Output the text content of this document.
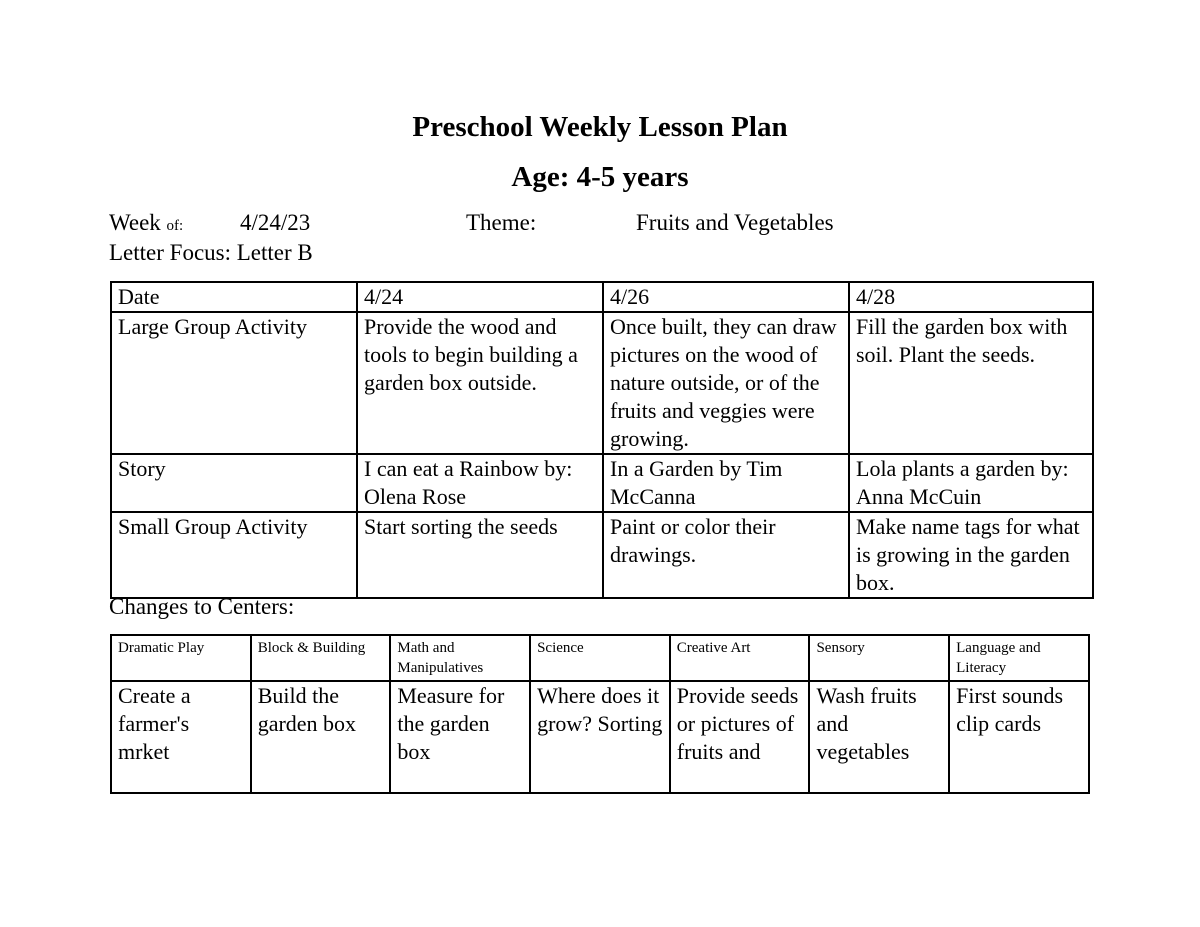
Preschool Weekly Lesson Plan
Age: 4-5 years
Week of: 4/24/23	Theme:	Fruits and Vegetables
Letter Focus: Letter B
Date	4/24	4/26	4/28
Large Group Activity	Provide the wood and tools to begin building a garden box outside.	Once built, they can draw pictures on the wood of nature outside, or of the fruits and veggies were growing.	Fill the garden box with soil. Plant the seeds.
Story	I can eat a Rainbow by: Olena Rose	In a Garden by Tim McCanna	Lola plants a garden by: Anna McCuin
Small Group Activity	Start sorting the seeds	Paint or color their drawings.	Make name tags for what is growing in the garden box.
Changes to Centers:
Dramatic Play	Block & Building	Math and Manipulatives	Science	Creative Art	Sensory	Language and Literacy
Create a farmer's mrket	Build the garden box	Measure for the garden box	Where does it grow? Sorting	Provide seeds or pictures of fruits and	Wash fruits and vegetables	First sounds clip cards
